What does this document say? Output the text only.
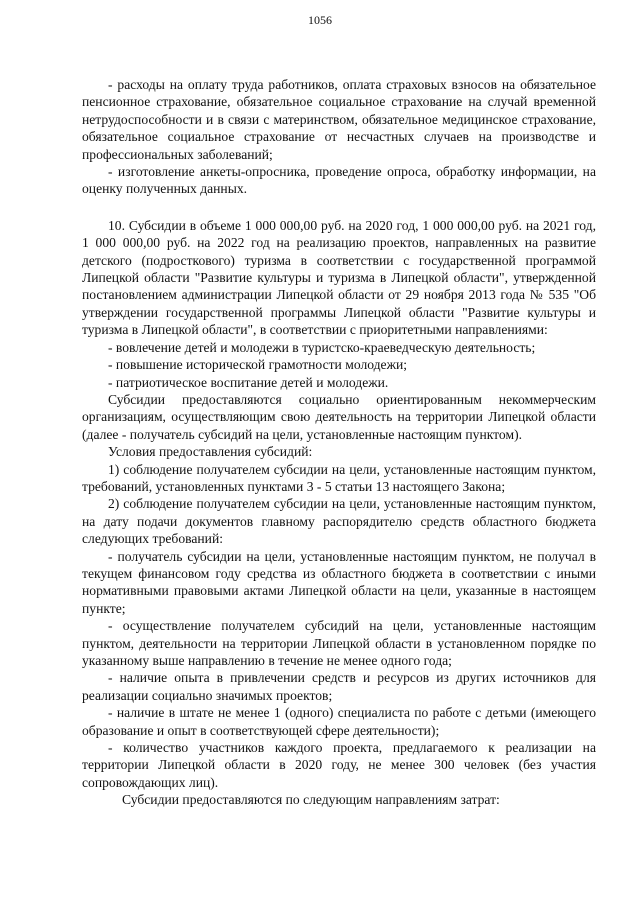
1056

- расходы на оплату труда работников, оплата страховых взносов на обязательное пенсионное страхование, обязательное социальное страхование на случай временной нетрудоспособности и в связи с материнством, обязательное медицинское страхование, обязательное социальное страхование от несчастных случаев на производстве и профессиональных заболеваний;

- изготовление анкеты-опросника, проведение опроса, обработку информации, на оценку полученных данных.

10. Субсидии в объеме 1 000 000,00 руб. на 2020 год, 1 000 000,00 руб. на 2021 год, 1 000 000,00 руб. на 2022 год на реализацию проектов, направленных на развитие детского (подросткового) туризма в соответствии с государственной программой Липецкой области "Развитие культуры и туризма в Липецкой области", утвержденной постановлением администрации Липецкой области от 29 ноября 2013 года № 535 "Об утверждении государственной программы Липецкой области "Развитие культуры и туризма в Липецкой области", в соответствии с приоритетными направлениями:

- вовлечение детей и молодежи в туристско-краеведческую деятельность;

- повышение исторической грамотности молодежи;

- патриотическое воспитание детей и молодежи.

Субсидии предоставляются социально ориентированным некоммерческим организациям, осуществляющим свою деятельность на территории Липецкой области (далее - получатель субсидий на цели, установленные настоящим пунктом).

Условия предоставления субсидий:

1) соблюдение получателем субсидии на цели, установленные настоящим пунктом, требований, установленных пунктами 3 - 5 статьи 13 настоящего Закона;

2) соблюдение получателем субсидии на цели, установленные настоящим пунктом, на дату подачи документов главному распорядителю средств областного бюджета следующих требований:

- получатель субсидии на цели, установленные настоящим пунктом, не получал в текущем финансовом году средства из областного бюджета в соответствии с иными нормативными правовыми актами Липецкой области на цели, указанные в настоящем пункте;

- осуществление получателем субсидий на цели, установленные настоящим пунктом, деятельности на территории Липецкой области в установленном порядке по указанному выше направлению в течение не менее одного года;

- наличие опыта в привлечении средств и ресурсов из других источников для реализации социально значимых проектов;

- наличие в штате не менее 1 (одного) специалиста по работе с детьми (имеющего образование и опыт в соответствующей сфере деятельности);

- количество участников каждого проекта, предлагаемого к реализации на территории Липецкой области в 2020 году, не менее 300 человек (без участия сопровождающих лиц).

Субсидии предоставляются по следующим направлениям затрат:
